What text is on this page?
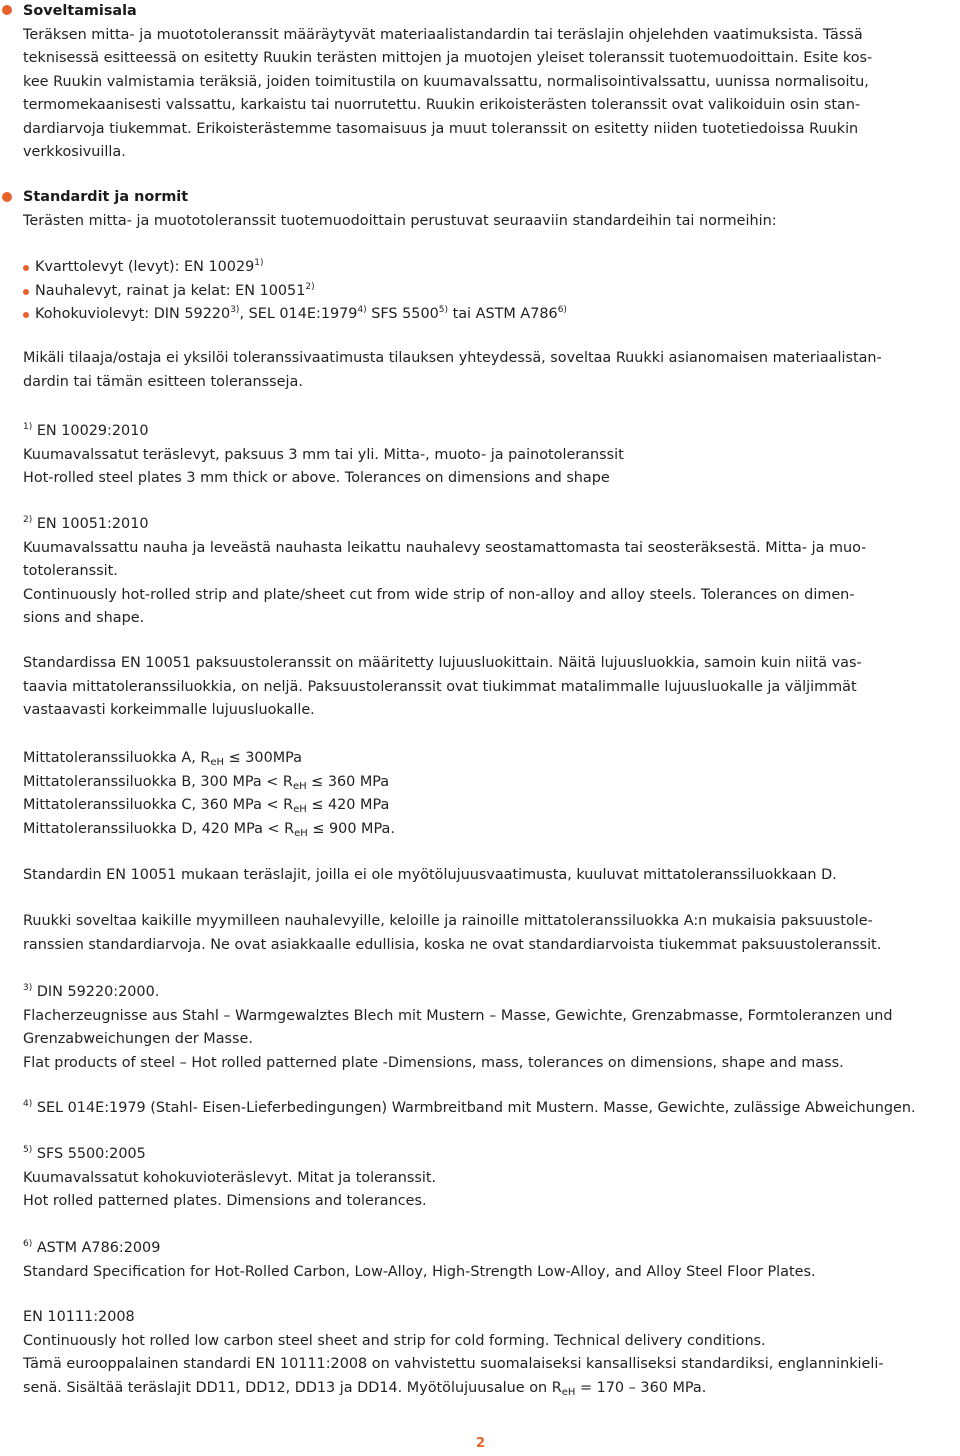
Soveltamisala
Teräksen mitta- ja muototoleranssit määräytyvät materiaalistandardin tai teräslajin ohjelehden vaatimuksista. Tässä
teknisessä esitteessä on esitetty Ruukin terästen mittojen ja muotojen yleiset toleranssit tuotemuodoittain. Esite kos-
kee Ruukin valmistamia teräksiä, joiden toimitustila on kuumavalssattu, normalisointivalssattu, uunissa normalisoitu,
termomekaanisesti valssattu, karkaistu tai nuorrutettu. Ruukin erikoisterästen toleranssit ovat valikoiduin osin stan-
dardiarvoja tiukemmat. Erikoisterästemme tasomaisuus ja muut toleranssit on esitetty niiden tuotetiedoissa Ruukin
verkkosivuilla.
Standardit ja normit
Terästen mitta- ja muototoleranssit tuotemuodoittain perustuvat seuraaviin standardeihin tai normeihin:
Kvarttolevyt (levyt): EN 10029$^{1)}$
Nauhalevyt, rainat ja kelat: EN 10051$^{2)}$
Kohokuviolevyt: DIN 59220$^{3)}$, SEL 014E:1979$^{4)}$ SFS 5500$^{5)}$ tai ASTM A786$^{6)}$
Mikäli tilaaja/ostaja ei yksilöi toleranssivaatimusta tilauksen yhteydessä, soveltaa Ruukki asianomaisen materiaalistan-
dardin tai tämän esitteen toleransseja.
$^{1)}$ EN 10029:2010
Kuumavalssatut teräslevyt, paksuus 3 mm tai yli. Mitta-, muoto- ja painotoleranssit
Hot-rolled steel plates 3 mm thick or above. Tolerances on dimensions and shape
$^{2)}$ EN 10051:2010
Kuumavalssattu nauha ja leveästä nauhasta leikattu nauhalevy seostamattomasta tai seosteräksestä. Mitta- ja muo-
totoleranssit.
Continuously hot-rolled strip and plate/sheet cut from wide strip of non-alloy and alloy steels. Tolerances on dimen-
sions and shape.
Standardissa EN 10051 paksuustoleranssit on määritetty lujuusluokittain. Näitä lujuusluokkia, samoin kuin niitä vas-
taavia mittatoleranssiluokkia, on neljä. Paksuustoleranssit ovat tiukimmat matalimmalle lujuusluokalle ja väljimmät
vastaavasti korkeimmalle lujuusluokalle.
Mittatoleranssiluokka A, $R_{eH} \le 300MPa$
Mittatoleranssiluokka B, 300 MPa < $R_{eH} \le 360$ MPa
Mittatoleranssiluokka C, 360 MPa < $R_{eH} \le 420$ MPa
Mittatoleranssiluokka D, 420 MPa < $R_{eH} \le 900$ MPa.
Standardin EN 10051 mukaan teräslajit, joilla ei ole myötölujuusvaatimusta, kuuluvat mittatoleranssiluokkaan D.
Ruukki soveltaa kaikille myymilleen nauhalevyille, keloille ja rainoille mittatoleranssiluokka A:n mukaisia paksuustole-
ranssien standardiarvoja. Ne ovat asiakkaalle edullisia, koska ne ovat standardiarvoista tiukemmat paksuustoleranssit.
$^{3)}$ DIN 59220:2000.
Flacherzeugnisse aus Stahl – Warmgewalztes Blech mit Mustern – Masse, Gewichte, Grenzabmasse, Formtoleranzen und
Grenzabweichungen der Masse.
Flat products of steel – Hot rolled patterned plate -Dimensions, mass, tolerances on dimensions, shape and mass.
$^{4)}$ SEL 014E:1979 (Stahl- Eisen-Lieferbedingungen) Warmbreitband mit Mustern. Masse, Gewichte, zulässige Abweichungen.
$^{5)}$ SFS 5500:2005
Kuumavalssatut kohokuvioteräslevyt. Mitat ja toleranssit.
Hot rolled patterned plates. Dimensions and tolerances.
$^{6)}$ ASTM A786:2009
Standard Specification for Hot-Rolled Carbon, Low-Alloy, High-Strength Low-Alloy, and Alloy Steel Floor Plates.
EN 10111:2008
Continuously hot rolled low carbon steel sheet and strip for cold forming. Technical delivery conditions.
Tämä eurooppalainen standardi EN 10111:2008 on vahvistettu suomalaiseksi kansalliseksi standardiksi, englanninkieli-
senä. Sisältää teräslajit DD11, DD12, DD13 ja DD14. Myötölujuusalue on $R_{eH} = 170 - 360$ MPa.
2
